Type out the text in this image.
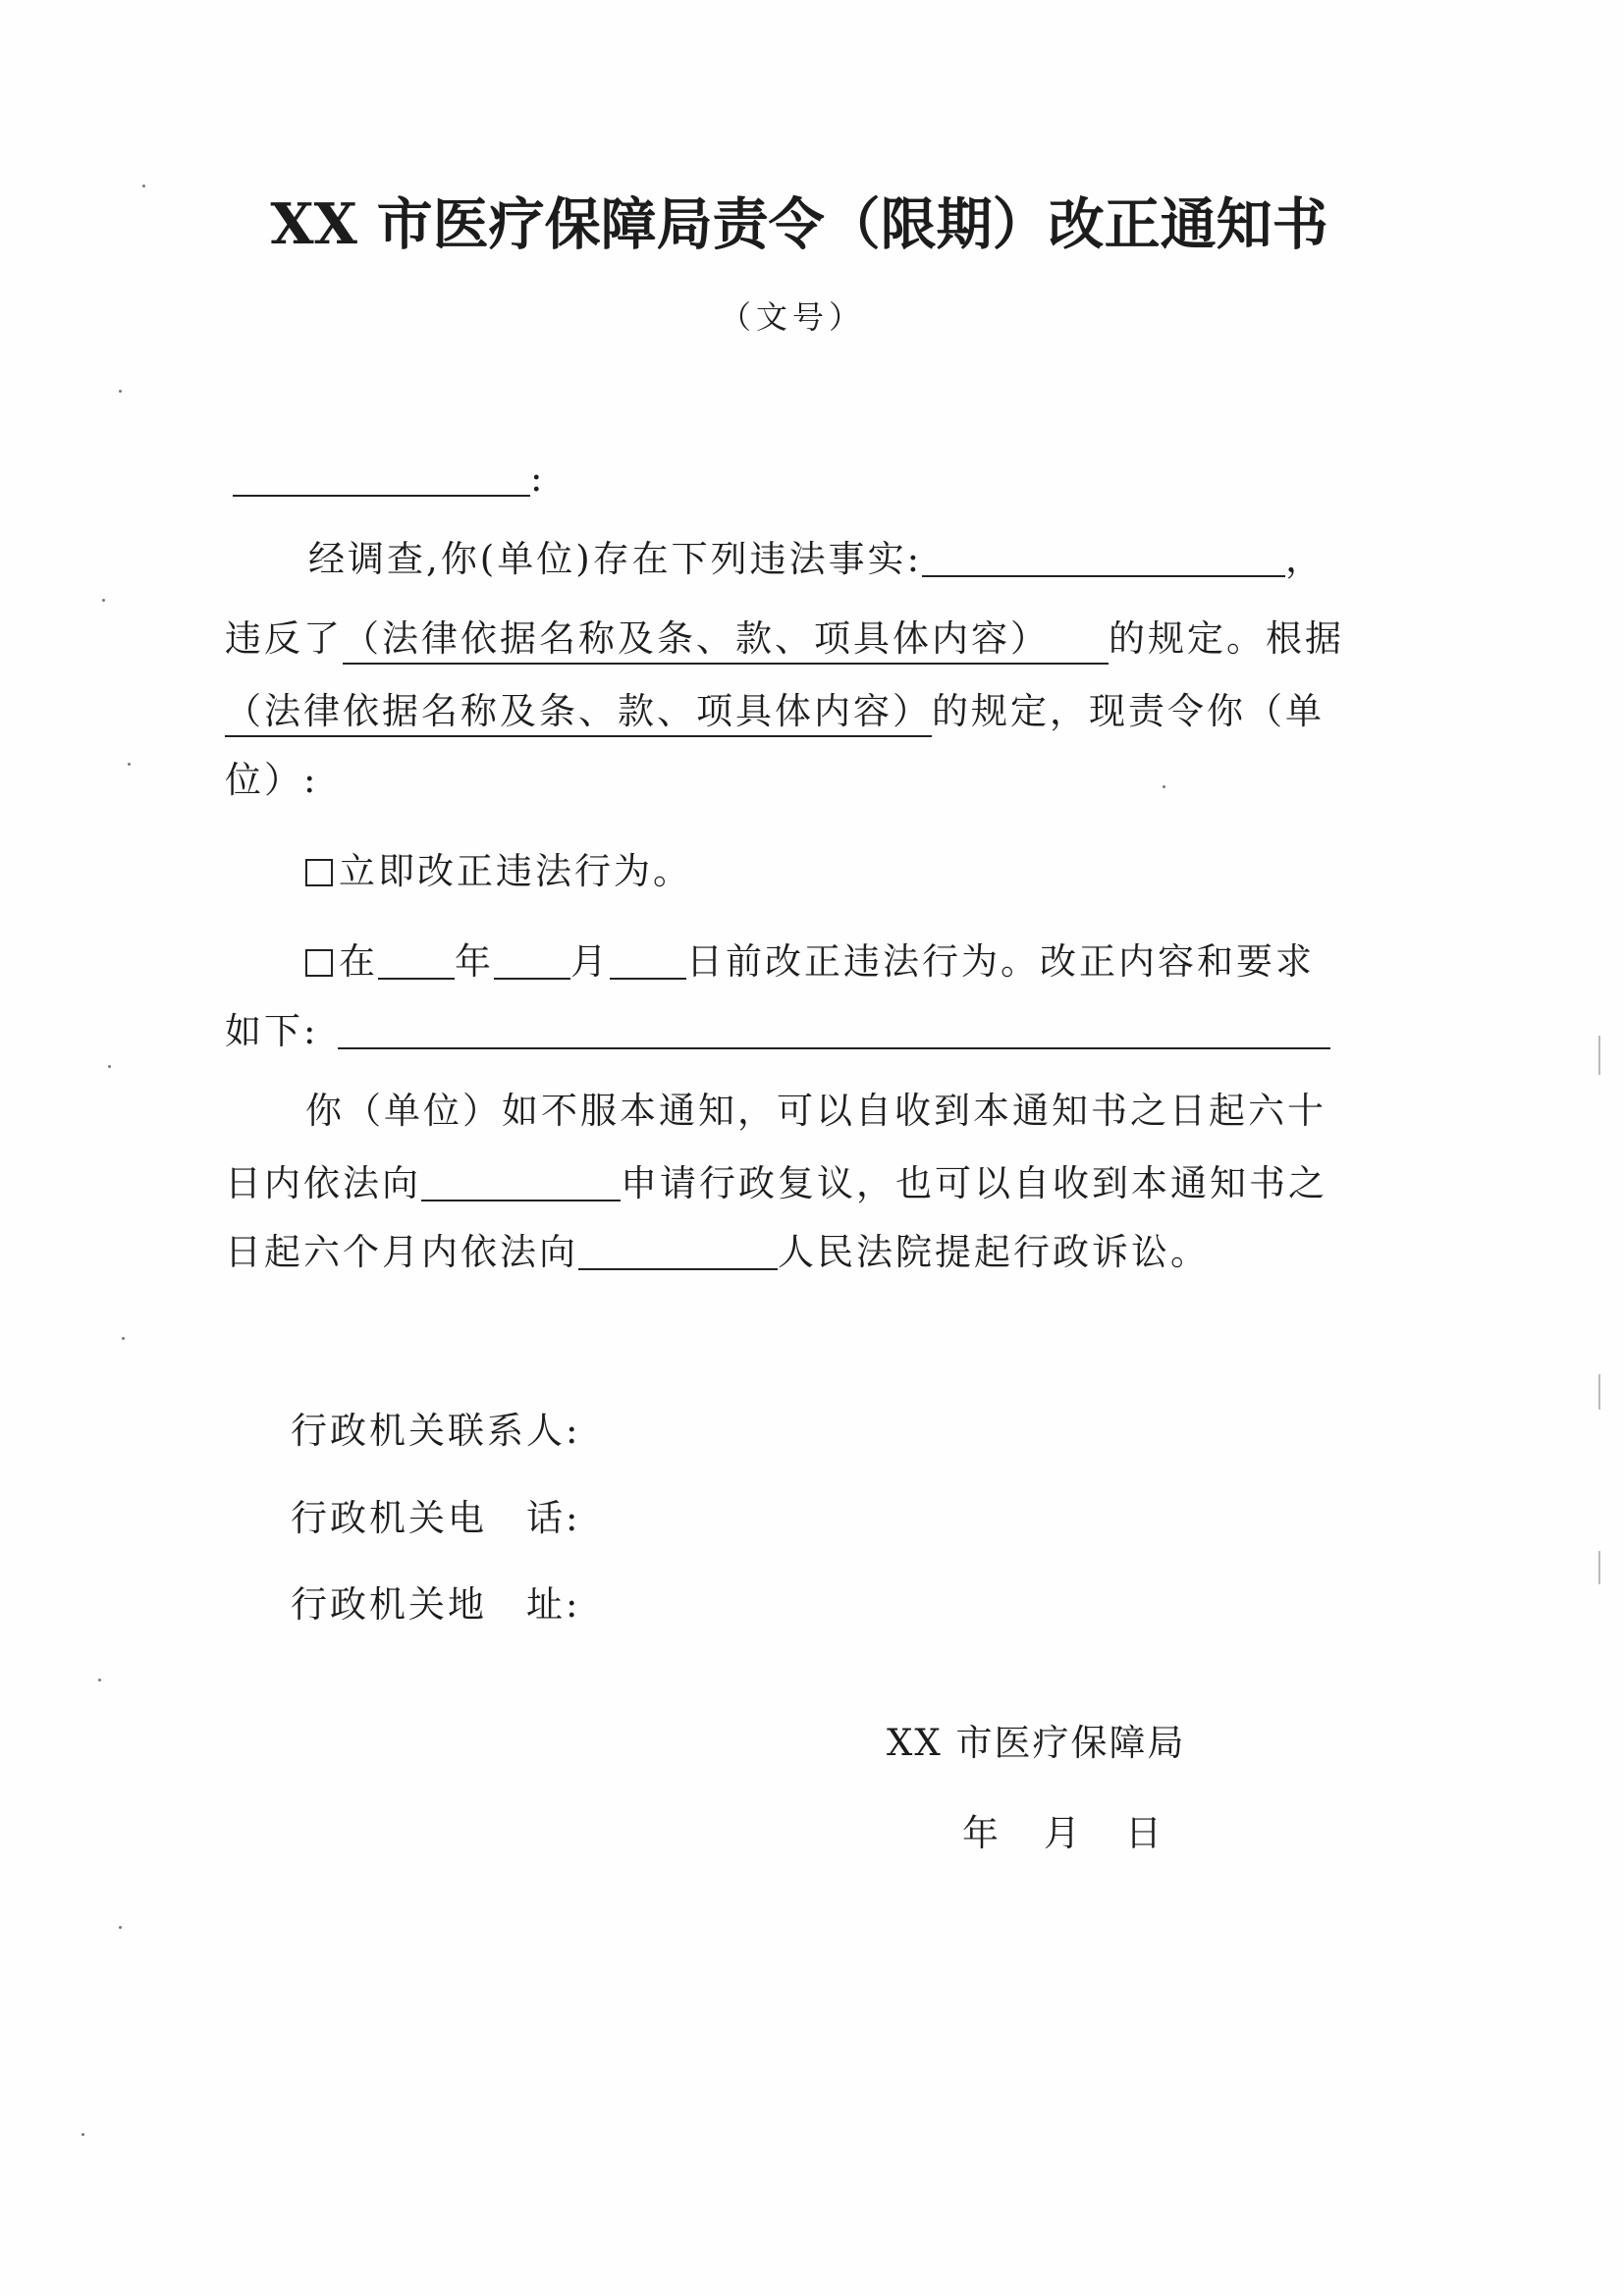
XX 市医疗保障局责令（限期）改正通知书
（文号）
:
经调查,你(单位)存在下列违法事实:	，
违反了（法律依据名称及条、款、项具体内容） 的规定。根据
（法律依据名称及条、款、项具体内容）的规定，现责令你（单
位）:
立即改正违法行为。
在 年 月 日前改正违法行为。改正内容和要求
如下:
你（单位）如不服本通知，可以自收到本通知书之日起六十
日内依法向	申请行政复议，也可以自收到本通知书之
日起六个月内依法向	人民法院提起行政诉讼。
行政机关联系人:
行政机关电　话:
行政机关地　址:
XX 市医疗保障局
年 月 日
